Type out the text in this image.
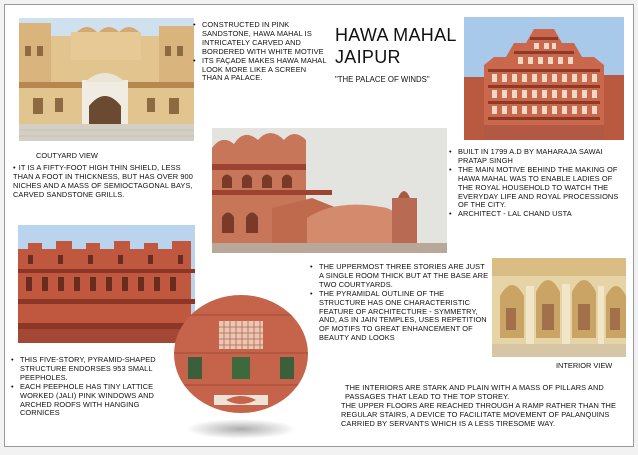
• CONSTRUCTED IN PINK SANDSTONE, HAWA MAHAL IS INTRICATELY CARVED AND BORDERED WITH WHITE MOTIVE
• ITS FAÇADE MAKES HAWA MAHAL LOOK MORE LIKE A SCREEN THAN A PALACE.
HAWA MAHAL
JAIPUR
"THE PALACE OF WINDS"
COUTYARD VIEW
• IT IS A FIFTY-FOOT HIGH THIN SHIELD, LESS THAN A FOOT IN THICKNESS, BUT HAS OVER 900 NICHES AND A MASS OF SEMIOCTAGONAL BAYS, CARVED SANDSTONE GRILLS.
• BUILT IN 1799 A.D BY MAHARAJA SAWAI PRATAP SINGH
• THE MAIN MOTIVE BEHIND THE MAKING OF HAWA MAHAL WAS TO ENABLE LADIES OF THE ROYAL HOUSEHOLD TO WATCH THE EVERYDAY LIFE AND ROYAL PROCESSIONS OF THE CITY.
• ARCHITECT - LAL CHAND USTA
• THE UPPERMOST THREE STORIES ARE JUST A SINGLE ROOM THICK BUT AT THE BASE ARE TWO COURTYARDS.
• THE PYRAMIDAL OUTLINE OF THE STRUCTURE HAS ONE CHARACTERISTIC FEATURE OF ARCHITECTURE - SYMMETRY, AND, AS IN JAIN TEMPLES, USES REPETITION OF MOTIFS TO GREAT ENHANCEMENT OF BEAUTY AND LOOKS
INTERIOR VIEW
• THIS FIVE-STORY, PYRAMID-SHAPED STRUCTURE ENDORSES 953 SMALL PEEPHOLES.
• EACH PEEPHOLE HAS TINY LATTICE WORKED (JALI) PINK WINDOWS AND ARCHED ROOFS WITH HANGING CORNICES
THE INTERIORS ARE STARK AND PLAIN WITH A MASS OF PILLARS AND PASSAGES THAT LEAD TO THE TOP STOREY.
THE UPPER FLOORS ARE REACHED THROUGH A RAMP RATHER THAN THE REGULAR STAIRS, A DEVICE TO FACILITATE MOVEMENT OF PALANQUINS CARRIED BY SERVANTS WHICH IS A LESS TIRESOME WAY.
